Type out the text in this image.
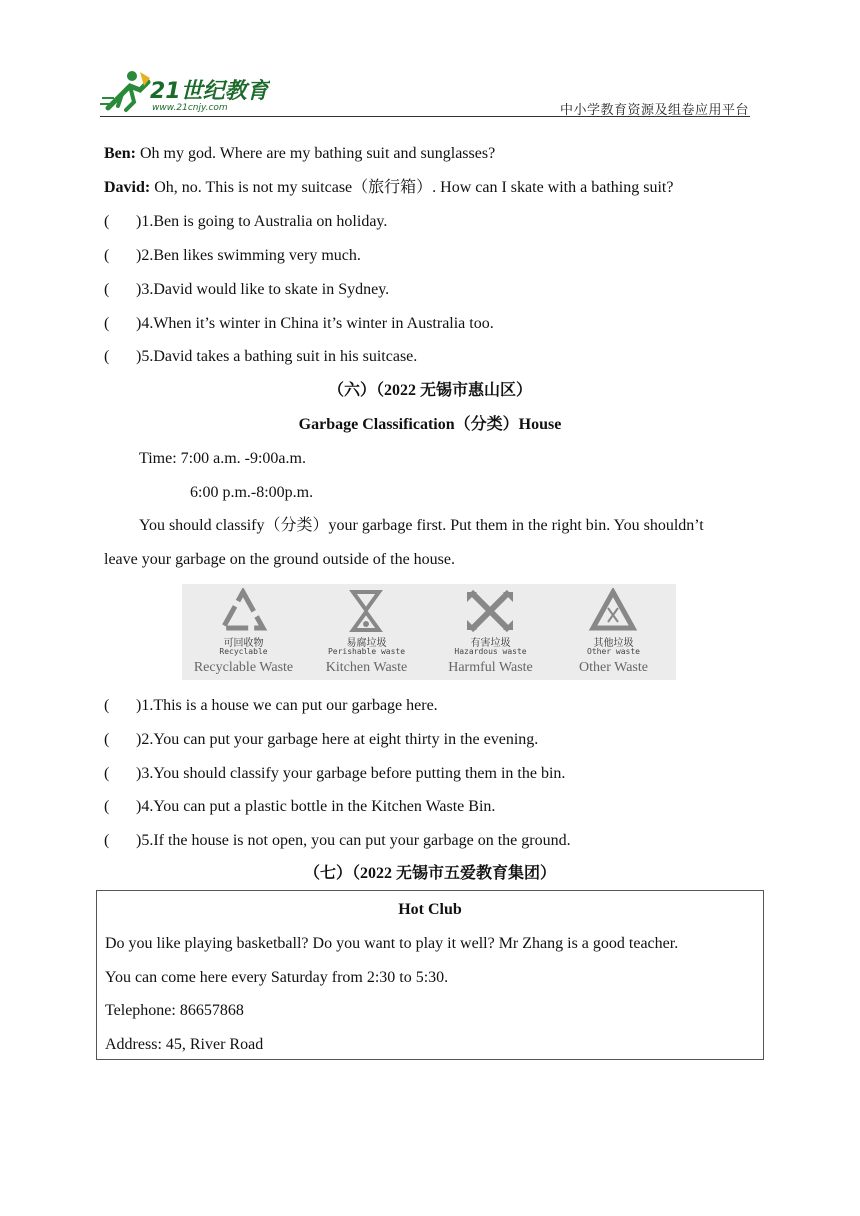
21世纪教育
www.21cnjy.com	中小学教育资源及组卷应用平台
Ben: Oh my god. Where are my bathing suit and sunglasses?
David: Oh, no. This is not my suitcase（旅行箱）. How can I skate with a bathing suit?
( )1.Ben is going to Australia on holiday.
( )2.Ben likes swimming very much.
( )3.David would like to skate in Sydney.
( )4.When it’s winter in China it’s winter in Australia too.
( )5.David takes a bathing suit in his suitcase.
（六）（2022 无锡市惠山区）
Garbage Classification（分类）House
Time: 7:00 a.m. -9:00a.m.
6:00 p.m.-8:00p.m.
You should classify（分类）your garbage first. Put them in the right bin. You shouldn’t
leave your garbage on the ground outside of the house.
可回收物
Recyclable
Recyclable Waste
易腐垃圾
Perishable waste
Kitchen Waste
有害垃圾
Hazardous waste
Harmful Waste
其他垃圾
Other waste
Other Waste
( )1.This is a house we can put our garbage here.
( )2.You can put your garbage here at eight thirty in the evening.
( )3.You should classify your garbage before putting them in the bin.
( )4.You can put a plastic bottle in the Kitchen Waste Bin.
( )5.If the house is not open, you can put your garbage on the ground.
（七）（2022 无锡市五爱教育集团）
Hot Club
Do you like playing basketball? Do you want to play it well? Mr Zhang is a good teacher.
You can come here every Saturday from 2:30 to 5:30.
Telephone: 86657868
Address: 45, River Road
